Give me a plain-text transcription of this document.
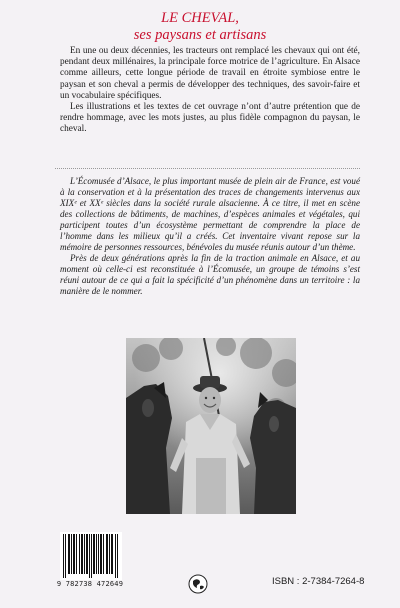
LE CHEVAL,
ses paysans et artisans

En une ou deux décennies, les tracteurs ont remplacé les chevaux qui ont été, pendant deux millénaires, la principale force motrice de l’agriculture. En Alsace comme ailleurs, cette longue période de travail en étroite symbiose entre le paysan et son cheval a permis de développer des techniques, des savoir-faire et un vocabulaire spécifiques.

Les illustrations et les textes de cet ouvrage n’ont d’autre prétention que de rendre hommage, avec les mots justes, au plus fidèle compagnon du paysan, le cheval.

L’Écomusée d’Alsace, le plus important musée de plein air de France, est voué à la conservation et à la présentation des traces de changements intervenus aux XIXᵉ et XXᵉ siècles dans la société rurale alsacienne. À ce titre, il met en scène des collections de bâtiments, de machines, d’espèces animales et végétales, qui participent toutes d’un écosystème permettant de comprendre la place de l’homme dans les milieux qu’il a créés. Cet inventaire vivant repose sur la mémoire de personnes ressources, bénévoles du musée réunis autour d’un thème.

Près de deux générations après la fin de la traction animale en Alsace, et au moment où celle-ci est reconstituée à l’Écomusée, un groupe de témoins s’est réuni autour de ce qui a fait la spécificité d’un phénomène dans un territoire : la manière de le nommer.

9 782738 472649	ISBN : 2-7384-7264-8
